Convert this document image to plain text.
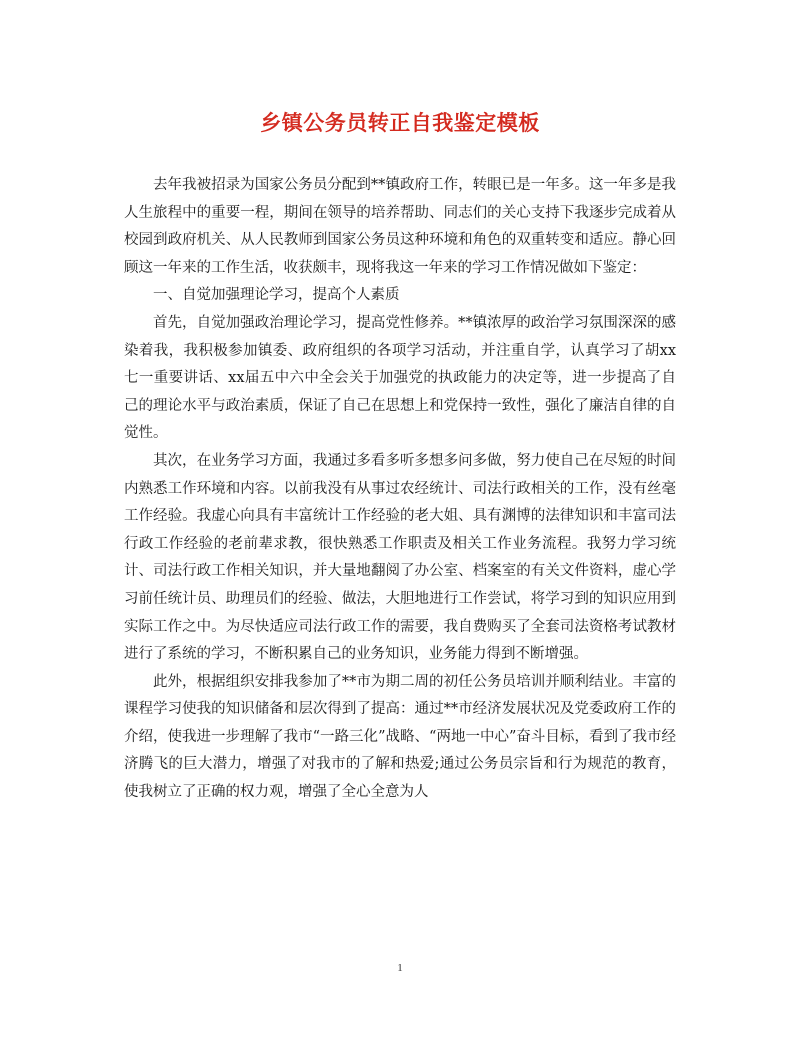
乡镇公务员转正自我鉴定模板

去年我被招录为国家公务员分配到**镇政府工作，转眼已是一年多。这一年多是我人生旅程中的重要一程，期间在领导的培养帮助、同志们的关心支持下我逐步完成着从校园到政府机关、从人民教师到国家公务员这种环境和角色的双重转变和适应。静心回顾这一年来的工作生活，收获颇丰，现将我这一年来的学习工作情况做如下鉴定：

一、自觉加强理论学习，提高个人素质

首先，自觉加强政治理论学习，提高党性修养。**镇浓厚的政治学习氛围深深的感染着我，我积极参加镇委、政府组织的各项学习活动，并注重自学，认真学习了胡xx七一重要讲话、xx届五中六中全会关于加强党的执政能力的决定等，进一步提高了自己的理论水平与政治素质，保证了自己在思想上和党保持一致性，强化了廉洁自律的自觉性。

其次，在业务学习方面，我通过多看多听多想多问多做，努力使自己在尽短的时间内熟悉工作环境和内容。以前我没有从事过农经统计、司法行政相关的工作，没有丝毫工作经验。我虚心向具有丰富统计工作经验的老大姐、具有渊博的法律知识和丰富司法行政工作经验的老前辈求教，很快熟悉工作职责及相关工作业务流程。我努力学习统计、司法行政工作相关知识，并大量地翻阅了办公室、档案室的有关文件资料，虚心学习前任统计员、助理员们的经验、做法，大胆地进行工作尝试，将学习到的知识应用到实际工作之中。为尽快适应司法行政工作的需要，我自费购买了全套司法资格考试教材进行了系统的学习，不断积累自己的业务知识，业务能力得到不断增强。

此外，根据组织安排我参加了**市为期二周的初任公务员培训并顺利结业。丰富的课程学习使我的知识储备和层次得到了提高：通过**市经济发展状况及党委政府工作的介绍，使我进一步理解了我市“一路三化”战略、“两地一中心”奋斗目标，看到了我市经济腾飞的巨大潜力，增强了对我市的了解和热爱;通过公务员宗旨和行为规范的教育，使我树立了正确的权力观，增强了全心全意为人

1
